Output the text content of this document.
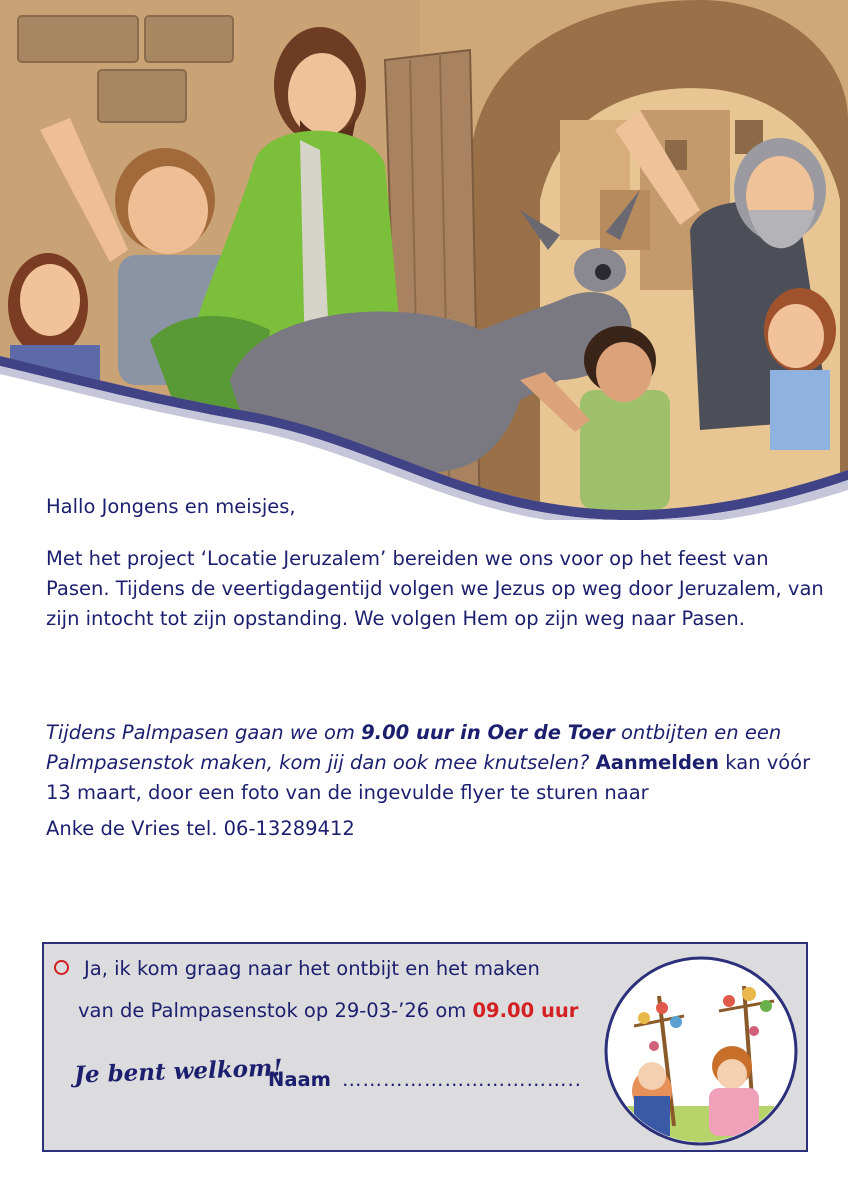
Hallo Jongens en meisjes,
Met het project ‘Locatie Jeruzalem’ bereiden we ons voor op het feest van Pasen. Tijdens de veertigdagentijd volgen we Jezus op weg door Jeruzalem, van zijn intocht tot zijn opstanding. We volgen Hem op zijn weg naar Pasen.
Tijdens Palmpasen gaan we om 9.00 uur in Oer de Toer ontbijten en een Palmpasenstok maken, kom jij dan ook mee knutselen? Aanmelden kan vóór 13 maart, door een foto van de ingevulde flyer te sturen naar
Anke de Vries tel. 06-13289412
Ja, ik kom graag naar het ontbijt en het maken
van de Palmpasenstok op 29-03-’26 om 09.00 uur
Je bent welkom!
Naam ……………………………..
